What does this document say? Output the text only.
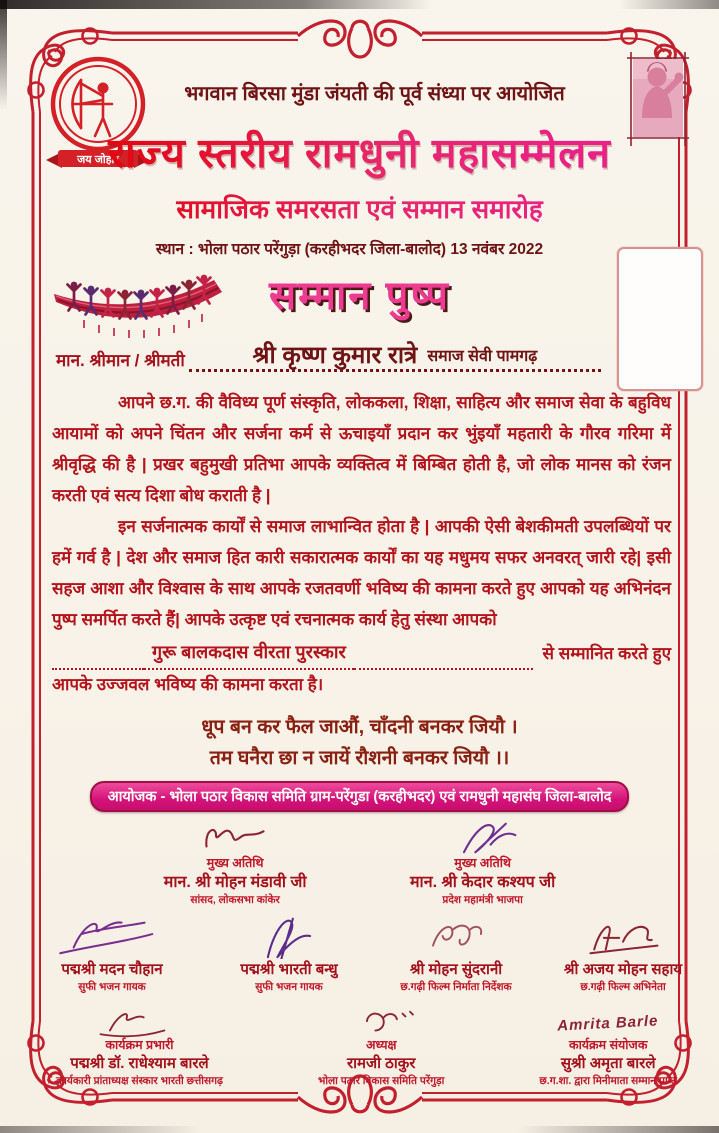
भगवान बिरसा मुंडा जंयती की पूर्व संध्या पर आयोजित
राज्य स्तरीय रामधुनी महासम्मेलन
सामाजिक समरसता एवं सम्मान समारोह
स्थान : भोला पठार परेंगुड़ा (करहीभदर जिला-बालोद) 13 नवंबर 2022
सम्मान पुष्प
मान. श्रीमान / श्रीमती	श्री कृष्ण कुमार रात्रे समाज सेवी पामगढ़

आपने छ.ग. की वैविध्य पूर्ण संस्कृति, लोककला, शिक्षा, साहित्य और समाज सेवा के बहुविध आयामों को अपने चिंतन और सर्जना कर्म से ऊचाइयाँ प्रदान कर भुंइयाँ महतारी के गौरव गरिमा में श्रीवृद्धि की है | प्रखर बहुमुखी प्रतिभा आपके व्यक्तित्व में बिम्बित होती है, जो लोक मानस को रंजन करती एवं सत्य दिशा बोध कराती है |

इन सर्जनात्मक कार्यों से समाज लाभान्वित होता है | आपकी ऐसी बेशकीमती उपलब्धियों पर हमें गर्व है | देश और समाज हित कारी सकारात्मक कार्यों का यह मधुमय सफर अनवरत् जारी रहे| इसी सहज आशा और विश्वास के साथ आपके रजतवर्णी भविष्य की कामना करते हुए आपको यह अभिनंदन पुष्प समर्पित करते हैं| आपके उत्कृष्ट एवं रचनात्मक कार्य हेतु संस्था आपको

गुरू बालकदास वीरता पुरस्कार	से सम्मानित करते हुए

आपके उज्जवल भविष्य की कामना करता है।

धूप बन कर फैल जाऔं, चाँदनी बनकर जियौ ।
तम घनैरा छा न जायें रौशनी बनकर जियौ ।।
आयोजक - भोला पठार विकास समिति ग्राम-परेंगुडा (करहीभदर) एवं रामधुनी महासंघ जिला-बालोद
मुख्य अतिथि
मान. श्री मोहन मंडावी जी
सांसद, लोकसभा कांकेर
मुख्य अतिथि
मान. श्री केदार कश्यप जी
प्रदेश महामंत्री भाजपा
पद्मश्री मदन चौहान
सुफी भजन गायक
पद्मश्री भारती बन्धु
सुफी भजन गायक
श्री मोहन सुंदरानी
छ.गढ़ी फिल्म निर्माता निर्देशक
श्री अजय मोहन सहाय
छ.गढ़ी फिल्म अभिनेता
कार्यक्रम प्रभारी
पद्मश्री डॉ. राधेश्याम बारले
कार्यकारी प्रांताध्यक्ष संस्कार भारती छत्तीसगढ़
अध्यक्ष
रामजी ठाकुर
भोला पठार विकास समिति परेंगुड़ा
Amrita Barle
कार्यक्रम संयोजक
सुश्री अमृता बारले
छ.ग.शा. द्वारा मिनीमाता सम्मान प्राप्त
